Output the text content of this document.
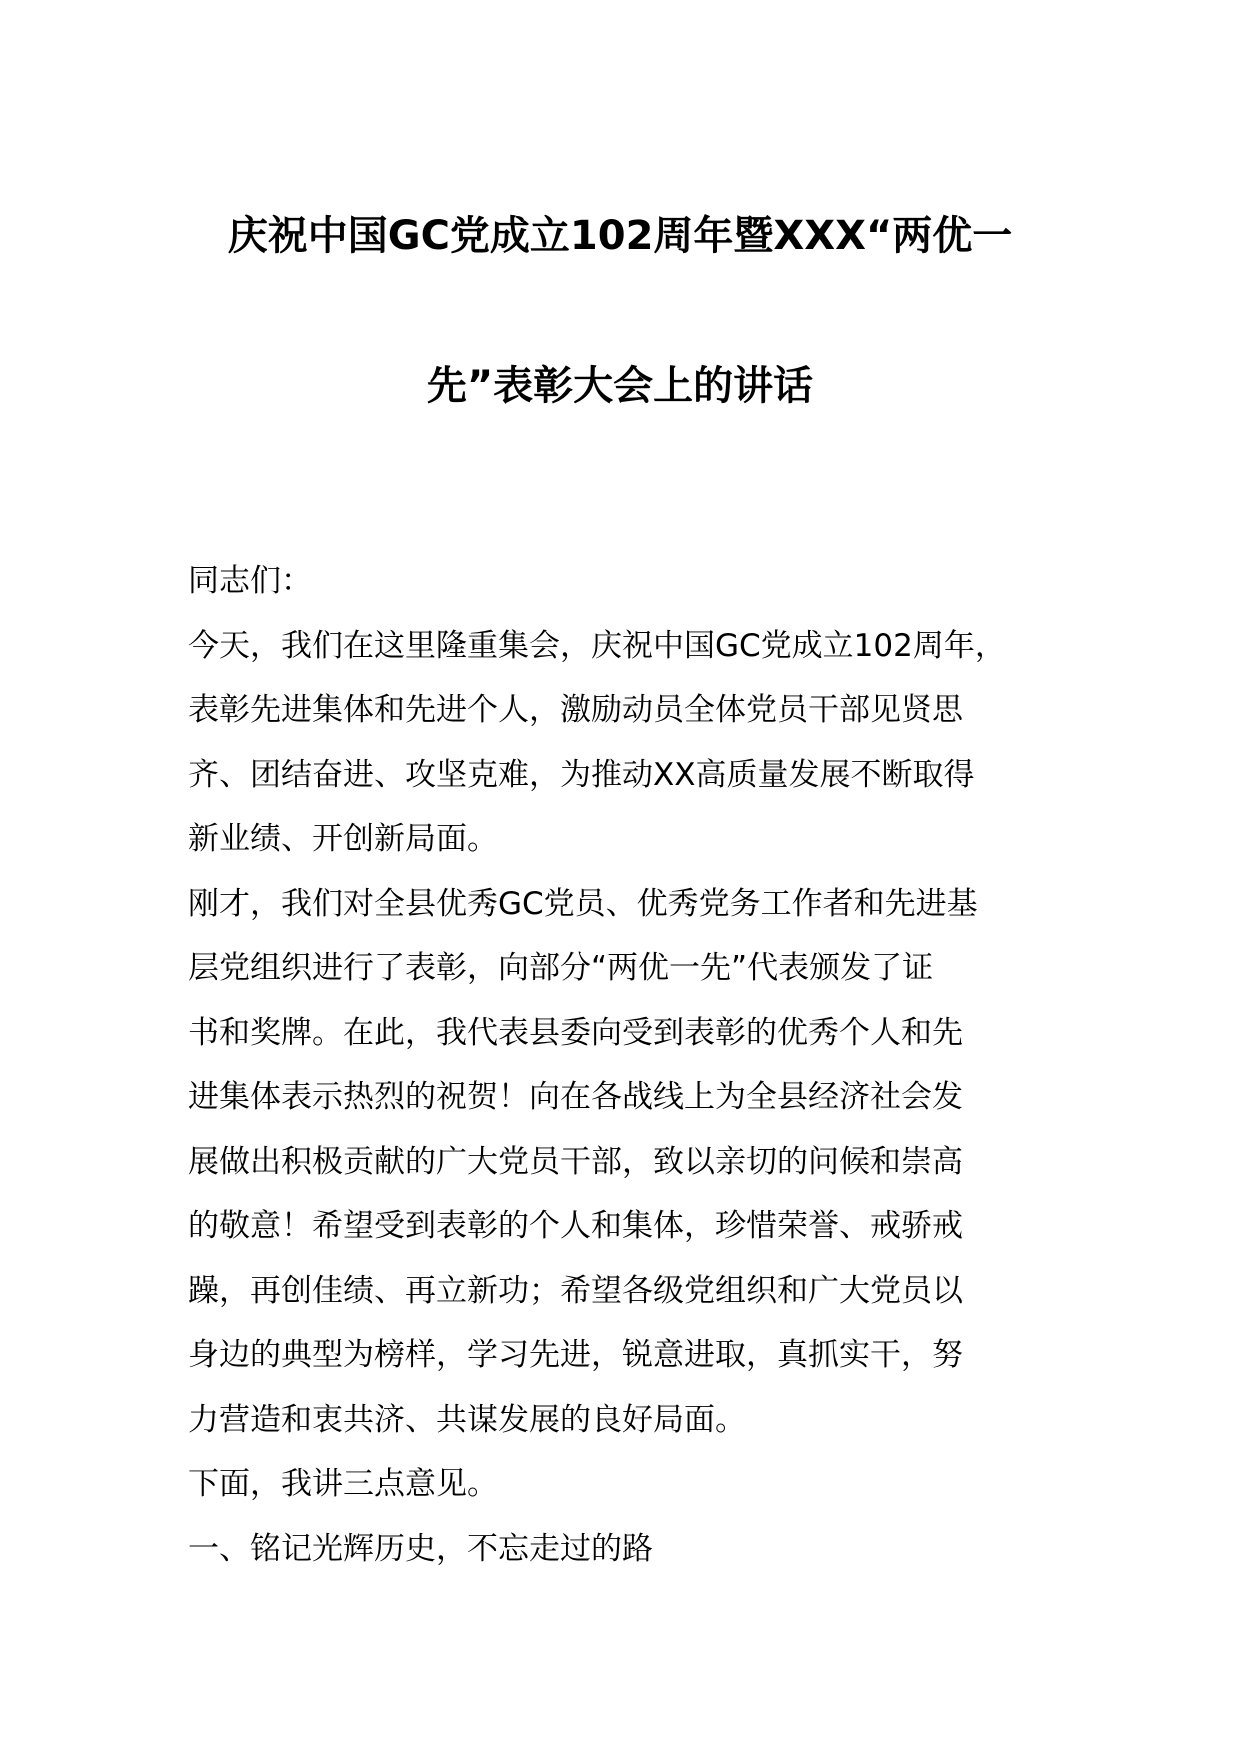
庆祝中国GC党成立102周年暨XXX“两优一
先”表彰大会上的讲话
同志们：
今天，我们在这里隆重集会，庆祝中国GC党成立102周年，
表彰先进集体和先进个人，激励动员全体党员干部见贤思
齐、团结奋进、攻坚克难，为推动XX高质量发展不断取得
新业绩、开创新局面。
刚才，我们对全县优秀GC党员、优秀党务工作者和先进基
层党组织进行了表彰，向部分“两优一先”代表颁发了证
书和奖牌。在此，我代表县委向受到表彰的优秀个人和先
进集体表示热烈的祝贺！向在各战线上为全县经济社会发
展做出积极贡献的广大党员干部，致以亲切的问候和崇高
的敬意！希望受到表彰的个人和集体，珍惜荣誉、戒骄戒
躁，再创佳绩、再立新功；希望各级党组织和广大党员以
身边的典型为榜样，学习先进，锐意进取，真抓实干，努
力营造和衷共济、共谋发展的良好局面。
下面，我讲三点意见。
一、铭记光辉历史，不忘走过的路
